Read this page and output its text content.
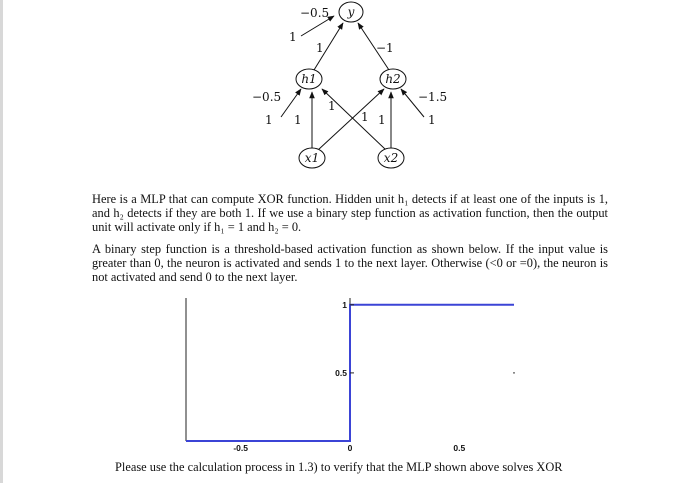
y
h1	h2
x1	x2
−0.5
1
1	−1
−0.5
1
−1.5
1
1	1
1
1

Here is a MLP that can compute XOR function. Hidden unit h₁ detects if at least one of the inputs is 1, and h₂ detects if they are both 1. If we use a binary step function as activation function, then the output unit will activate only if h₁ = 1 and h₂ = 0.

A binary step function is a threshold-based activation function as shown below. If the input value is greater than 0, the neuron is activated and sends 1 to the next layer. Otherwise (<0 or =0), the neuron is not activated and send 0 to the next layer.

-0.5	0	0.5
0.5
1

Please use the calculation process in 1.3) to verify that the MLP shown above solves XOR
